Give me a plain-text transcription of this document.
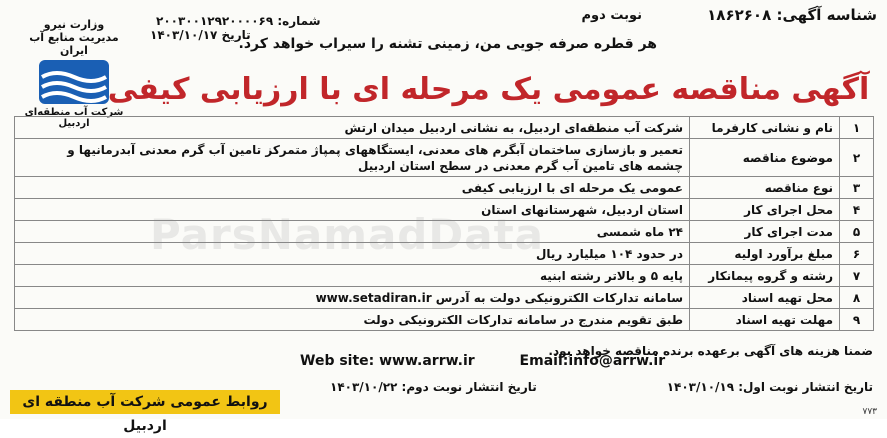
شناسه آگهی: ۱۸۶۲۶۰۸
نوبت دوم
شماره: ۲۰۰۳۰۰۱۲۹۲۰۰۰۰۶۹
تاریخ ۱۴۰۳/۱۰/۱۷
هر قطره صرفه جویی من، زمینی تشنه را سیراب خواهد کرد.
وزارت نیرو
مدیریت منابع آب ایران
شرکت آب منطقه‌ای اردبیل
آگهی مناقصه عمومی یک مرحله ای با ارزیابی کیفی
ParsNamadData
۱	نام و نشانی کارفرما	شرکت آب منطقه‌ای اردبیل، به نشانی اردبیل میدان ارتش
۲	موضوع مناقصه	تعمیر و بازسازی ساختمان آبگرم های معدنی، ایستگاههای پمپاژ متمرکز تامین آب گرم معدنی آبدرمانیها و
چشمه های تامین آب گرم معدنی در سطح استان اردبیل

۳	نوع مناقصه	عمومی یک مرحله ای با ارزیابی کیفی
۴	محل اجرای کار	استان اردبیل، شهرستانهای استان
۵	مدت اجرای کار	۲۴ ماه شمسی
۶	مبلغ برآورد اولیه	در حدود ۱۰۴ میلیارد ریال
۷	رشته و گروه پیمانکار	پایه ۵ و بالاتر رشته ابنیه
۸	محل تهیه اسناد	سامانه تدارکات الکترونیکی دولت به آدرس www.setadiran.ir
۹	مهلت تهیه اسناد	طبق تقویم مندرج در سامانه تدارکات الکترونیکی دولت
ضمنا هزینه های آگهی برعهده برنده مناقصه خواهد بود.
Web site: www.arrw.ir	Email:info@arrw.ir
تاریخ انتشار نوبت اول: ۱۴۰۳/۱۰/۱۹
تاریخ انتشار نوبت دوم: ۱۴۰۳/۱۰/۲۲
روابط عمومی شرکت آب منطقه ای اردبیل
۷۷۳
